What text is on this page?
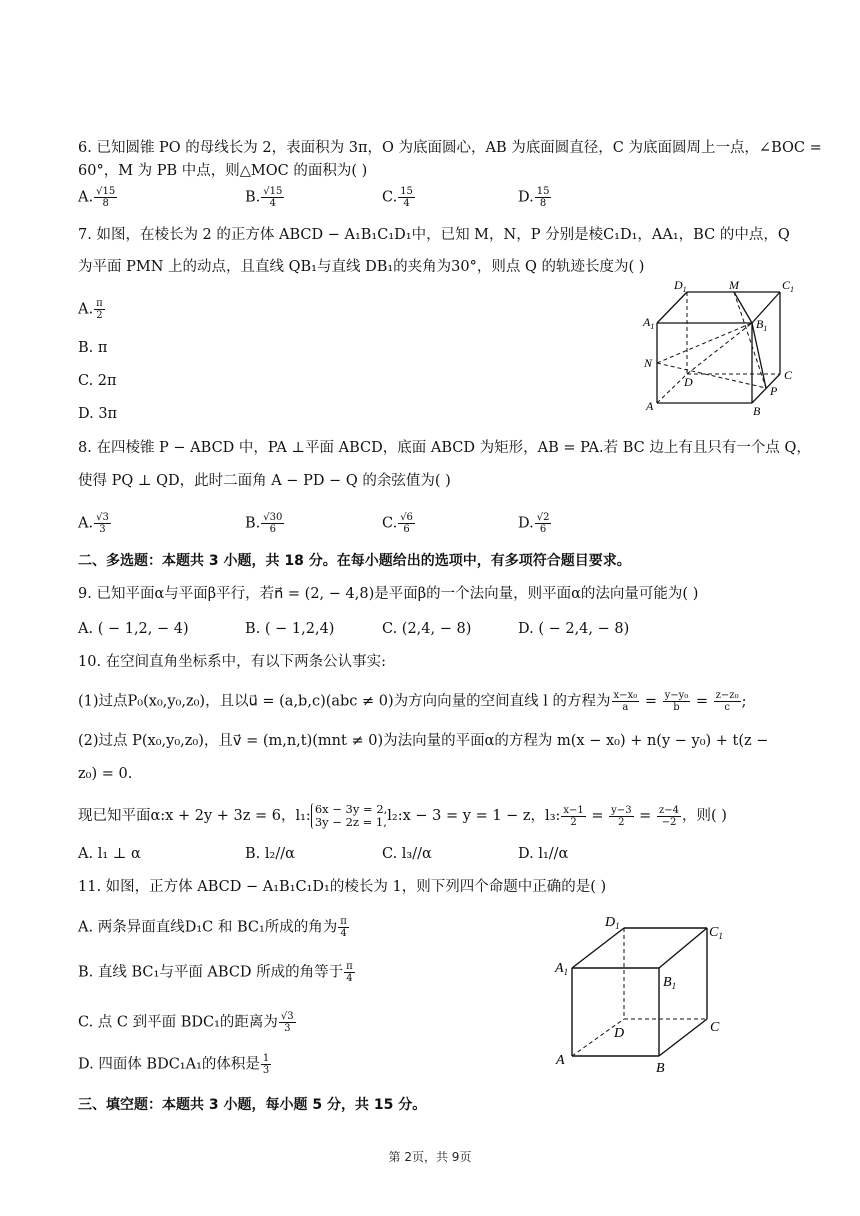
6. 已知圆锥 PO 的母线长为 2，表面积为 3π，O 为底面圆心，AB 为底面圆直径，C 为底面圆周上一点，∠BOC =
60°，M 为 PB 中点，则△MOC 的面积为( )
A. $\frac{√15}{8}$	B. $\frac{√15}{4}$	C. $\frac{15}{4}$	D. $\frac{15}{8}$
7. 如图，在棱长为 2 的正方体 ABCD − A₁B₁C₁D₁中，已知 M，N，P 分别是棱C₁D₁，AA₁，BC 的中点，Q
为平面 PMN 上的动点，且直线 QB₁与直线 DB₁的夹角为30°，则点 Q 的轨迹长度为( )
A. $\frac{\pi}{2}$
B. π
C. 2π
D. 3π
$D_1$	M	$C_1$
$A_1$	$B_1$
N
D	C
P
A	B
8. 在四棱锥 P − ABCD 中，PA ⊥平面 ABCD，底面 ABCD 为矩形，AB = PA.若 BC 边上有且只有一个点 Q，
使得 PQ ⊥ QD，此时二面角 A − PD − Q 的余弦值为( )
A. $\frac{√3}{3}$	B. $\frac{√30}{6}$	C. $\frac{√6}{6}$	D. $\frac{√2}{6}$
二、多选题：本题共 3 小题，共 18 分。在每小题给出的选项中，有多项符合题目要求。
9. 已知平面α与平面β平行，若n⃗ = (2, − 4,8)是平面β的一个法向量，则平面α的法向量可能为( )
A. ( − 1,2, − 4)	B. ( − 1,2,4)	C. (2,4, − 8)	D. ( − 2,4, − 8)
10. 在空间直角坐标系中，有以下两条公认事实:
(1)过点P₀(x₀,y₀,z₀)，且以u⃗ = (a,b,c)(abc ≠ 0)为方向向量的空间直线 l 的方程为 $\frac{\text{x−x₀}}{a} = \frac{\text{y−y₀}}{b} = \frac{\text{z−z₀}}{c}$ ;
(2)过点 P(x₀,y₀,z₀)，且v⃗ = (m,n,t)(mnt ≠ 0)为法向量的平面α的方程为 m(x − x₀) + n(y − y₀) + t(z −
z₀) = 0.
现已知平面α:x + 2y + 3z = 6，l₁: 6x − 3y = 2,
3y − 2z = 1, l₂:x − 3 = y = 1 − z，l₃: $\frac{x-1}{2} = \frac{y-3}{2} = \frac{z-4}{-2}$ ，则( )
A. l₁ ⊥ α	B. l₂//α	C. l₃//α	D. l₁//α
11. 如图，正方体 ABCD − A₁B₁C₁D₁的棱长为 1，则下列四个命题中正确的是( )
A. 两条异面直线D₁C 和 BC₁所成的角为 $\frac{\pi}{4}$
B. 直线 BC₁与平面 ABCD 所成的角等于 $\frac{\pi}{4}$
C. 点 C 到平面 BDC₁的距离为 $\frac{√3}{3}$
D. 四面体 BDC₁A₁的体积是 $\frac{1}{3}$
$D_1$	$C_1$
$A_1$
$B_1$
D	C
A
B
三、填空题：本题共 3 小题，每小题 5 分，共 15 分。
第 2页，共 9页
